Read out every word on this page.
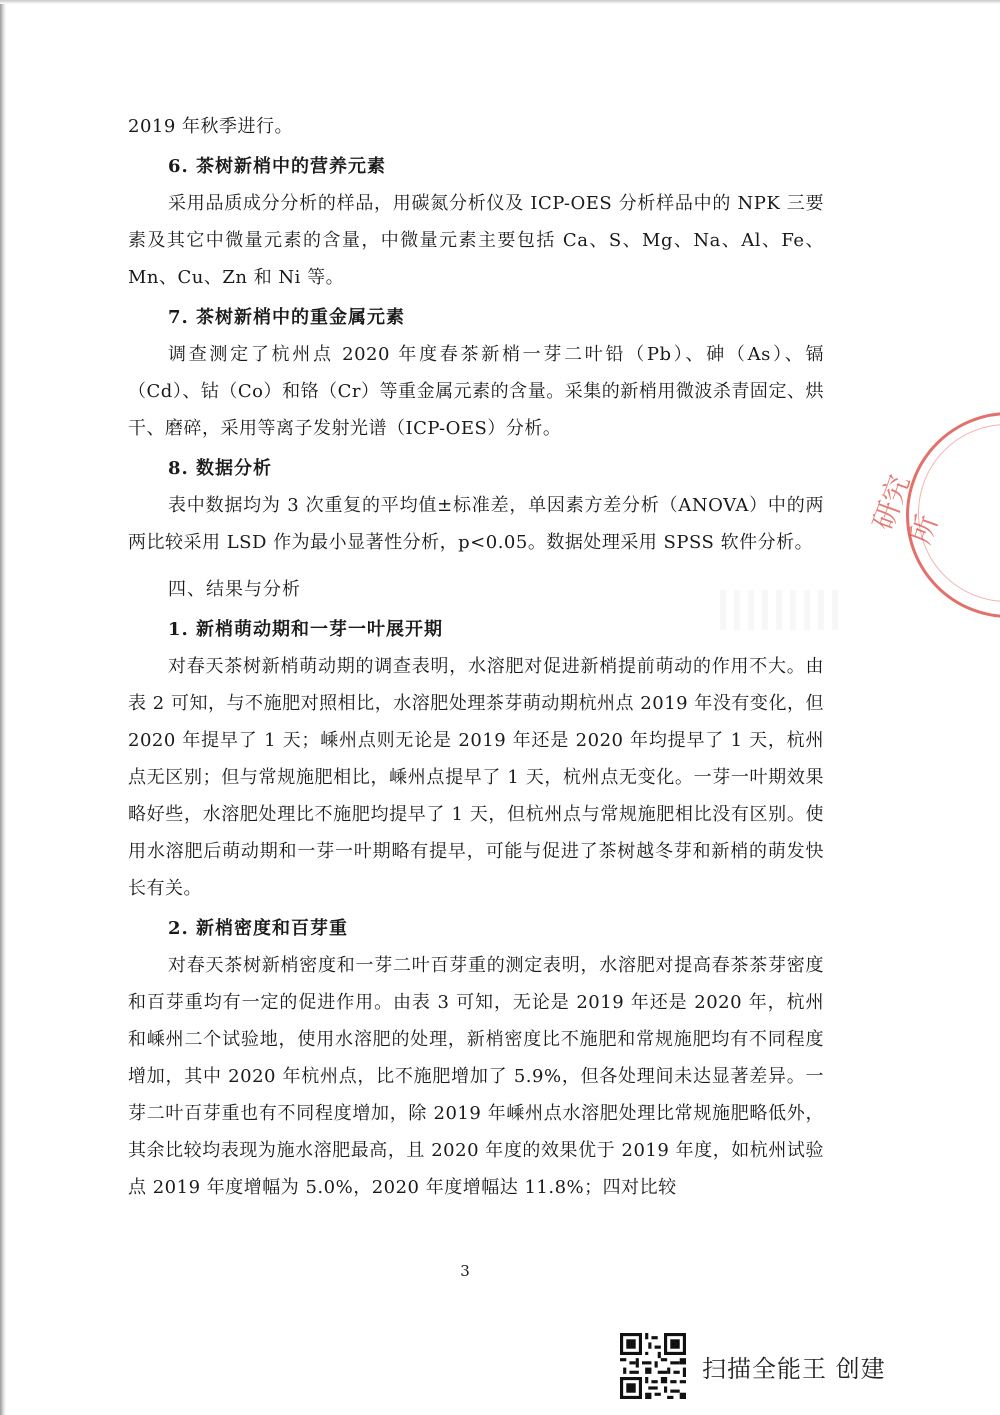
2019 年秋季进行。

6. 茶树新梢中的营养元素

采用品质成分分析的样品，用碳氮分析仪及 ICP-OES 分析样品中的 NPK 三要素及其它中微量元素的含量，中微量元素主要包括 Ca、S、Mg、Na、Al、Fe、Mn、Cu、Zn 和 Ni 等。

7. 茶树新梢中的重金属元素

调查测定了杭州点 2020 年度春茶新梢一芽二叶铅（Pb）、砷（As）、镉（Cd）、钴（Co）和铬（Cr）等重金属元素的含量。采集的新梢用微波杀青固定、烘干、磨碎，采用等离子发射光谱（ICP-OES）分析。

8. 数据分析

表中数据均为 3 次重复的平均值±标准差，单因素方差分析（ANOVA）中的两两比较采用 LSD 作为最小显著性分析，p<0.05。数据处理采用 SPSS 软件分析。

四、结果与分析

1. 新梢萌动期和一芽一叶展开期

对春天茶树新梢萌动期的调查表明，水溶肥对促进新梢提前萌动的作用不大。由表 2 可知，与不施肥对照相比，水溶肥处理茶芽萌动期杭州点 2019 年没有变化，但 2020 年提早了 1 天；嵊州点则无论是 2019 年还是 2020 年均提早了 1 天，杭州点无区别；但与常规施肥相比，嵊州点提早了 1 天，杭州点无变化。一芽一叶期效果略好些，水溶肥处理比不施肥均提早了 1 天，但杭州点与常规施肥相比没有区别。使用水溶肥后萌动期和一芽一叶期略有提早，可能与促进了茶树越冬芽和新梢的萌发快长有关。

2. 新梢密度和百芽重

对春天茶树新梢密度和一芽二叶百芽重的测定表明，水溶肥对提高春茶茶芽密度和百芽重均有一定的促进作用。由表 3 可知，无论是 2019 年还是 2020 年，杭州和嵊州二个试验地，使用水溶肥的处理，新梢密度比不施肥和常规施肥均有不同程度增加，其中 2020 年杭州点，比不施肥增加了 5.9%，但各处理间未达显著差异。一芽二叶百芽重也有不同程度增加，除 2019 年嵊州点水溶肥处理比常规施肥略低外，其余比较均表现为施水溶肥最高，且 2020 年度的效果优于 2019 年度，如杭州试验点 2019 年度增幅为 5.0%，2020 年度增幅达 11.8%；四对比较

研究所
3
扫描全能王 创建
